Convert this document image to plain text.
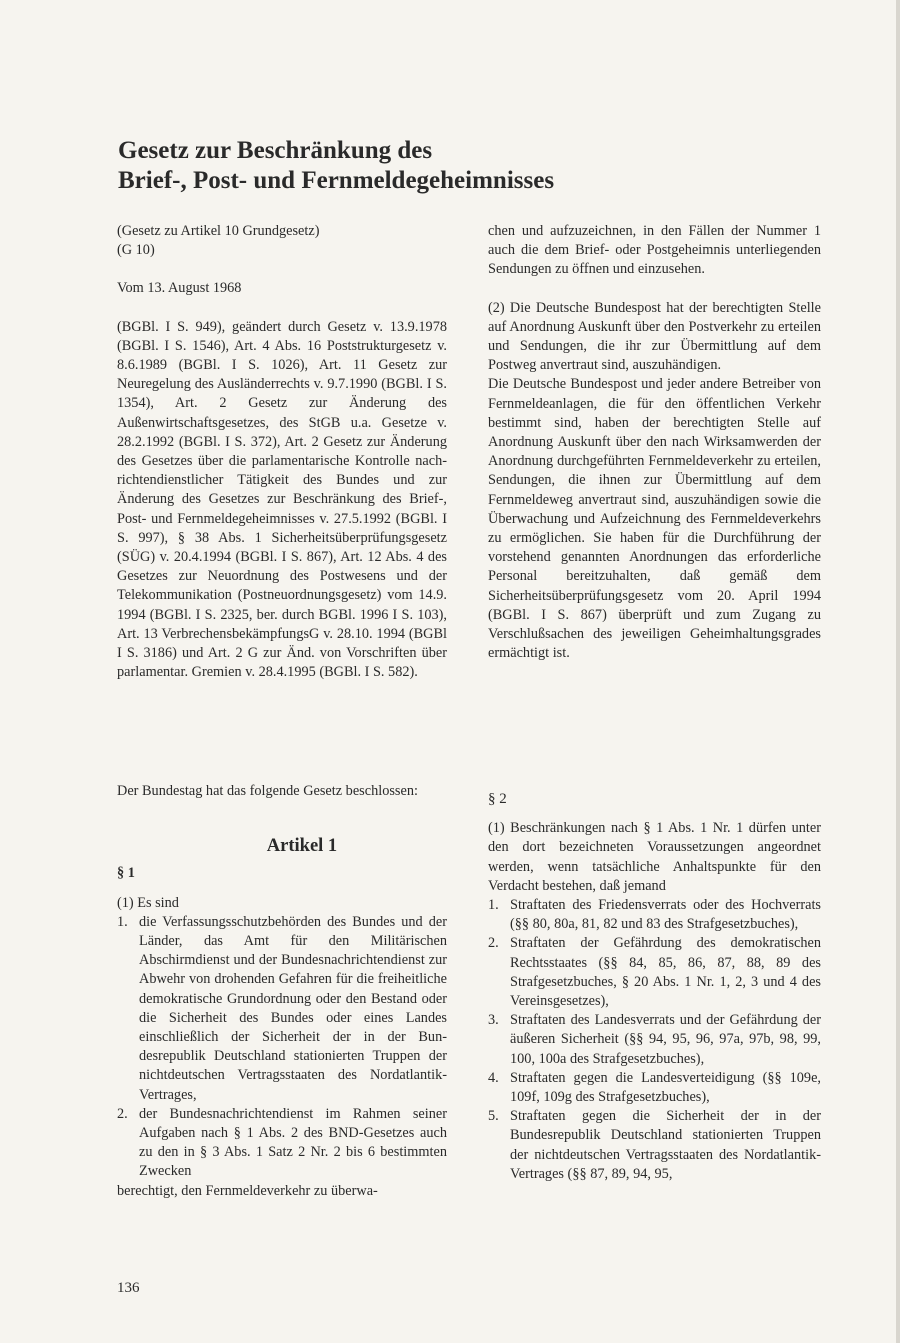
Gesetz zur Beschränkung des
Brief-, Post- und Fernmeldegeheimnisses

(Gesetz zu Artikel 10 Grundgesetz)

(G 10)

Vom 13. August 1968

(BGBl. I S. 949), geändert durch Gesetz v. 13.9.1978 (BGBl. I S. 1546), Art. 4 Abs. 16 Poststrukturgesetz v. 8.6.1989 (BGBl. I S. 1026), Art. 11 Gesetz zur Neuregelung des Ausländerrechts v. 9.7.1990 (BGBl. I S. 1354), Art. 2 Gesetz zur Änderung des Außenwirtschaftsgesetzes, des StGB u.a. Gesetze v. 28.2.1992 (BGBl. I S. 372), Art. 2 Gesetz zur Änderung des Gesetzes über die parlamentarische Kontrolle nachrichtendienstlicher Tätigkeit des Bundes und zur Änderung des Gesetzes zur Beschränkung des Brief-, Post- und Fernmeldegeheimnisses v. 27.5.1992 (BGBl. I S. 997), § 38 Abs. 1 Sicherheitsüberprüfungsgesetz (SÜG) v. 20.4.1994 (BGBl. I S. 867), Art. 12 Abs. 4 des Gesetzes zur Neuordnung des Postwesens und der Telekommunikation (Postneuordnungsgesetz) vom 14.9. 1994 (BGBl. I S. 2325, ber. durch BGBl. 1996 I S. 103), Art. 13 VerbrechensbekämpfungsG v. 28.10. 1994 (BGBl I S. 3186) und Art. 2 G zur Änd. von Vorschriften über parlamentar. Gremien v. 28.4.1995 (BGBl. I S. 582).

chen und aufzuzeichnen, in den Fällen der Nummer 1 auch die dem Brief- oder Postgeheimnis unterliegenden Sendungen zu öffnen und einzusehen.

(2) Die Deutsche Bundespost hat der berechtigten Stelle auf Anordnung Auskunft über den Postverkehr zu erteilen und Sendungen, die ihr zur Übermittlung auf dem Postweg anvertraut sind, auszuhändigen.

Die Deutsche Bundespost und jeder andere Betreiber von Fernmeldeanlagen, die für den öffentlichen Verkehr bestimmt sind, haben der berechtigten Stelle auf Anordnung Auskunft über den nach Wirksamwerden der Anordnung durchgeführten Fernmeldeverkehr zu erteilen, Sendungen, die ihnen zur Übermittlung auf dem Fernmeldeweg anvertraut sind, auszuhändigen sowie die Überwachung und Aufzeichnung des Fernmeldeverkehrs zu ermöglichen. Sie haben für die Durchführung der vorstehend genannten Anordnungen das erforderliche Personal bereitzuhalten, daß gemäß dem Sicherheitsüberprüfungsgesetz vom 20. April 1994 (BGBl. I S. 867) überprüft und zum Zugang zu Verschlußsachen des jeweiligen Geheimhaltungsgrades ermächtigt ist.

Der Bundestag hat das folgende Gesetz beschlossen:

Artikel 1
§ 1

(1) Es sind

1. die Verfassungsschutzbehörden des Bundes und der Länder, das Amt für den Militärischen Abschirmdienst und der Bundesnachrichtendienst zur Abwehr von drohenden Gefahren für die freiheitliche demokratische Grundordnung oder den Bestand oder die Sicherheit des Bundes oder eines Landes einschließlich der Sicherheit der in der Bundesrepublik Deutschland stationierten Truppen der nichtdeutschen Vertragsstaaten des Nordatlantik-Vertrages,
2. der Bundesnachrichtendienst im Rahmen seiner Aufgaben nach § 1 Abs. 2 des BND-Gesetzes auch zu den in § 3 Abs. 1 Satz 2 Nr. 2 bis 6 bestimmten Zwecken

berechtigt, den Fernmeldeverkehr zu überwa-

§ 2

(1) Beschränkungen nach § 1 Abs. 1 Nr. 1 dürfen unter den dort bezeichneten Voraussetzungen angeordnet werden, wenn tatsächliche Anhaltspunkte für den Verdacht bestehen, daß jemand

1. Straftaten des Friedensverrats oder des Hochverrats (§§ 80, 80a, 81, 82 und 83 des Strafgesetzbuches),
2. Straftaten der Gefährdung des demokratischen Rechtsstaates (§§ 84, 85, 86, 87, 88, 89 des Strafgesetzbuches, § 20 Abs. 1 Nr. 1, 2, 3 und 4 des Vereinsgesetzes),
3. Straftaten des Landesverrats und der Gefährdung der äußeren Sicherheit (§§ 94, 95, 96, 97a, 97b, 98, 99, 100, 100a des Strafgesetzbuches),
4. Straftaten gegen die Landesverteidigung (§§ 109e, 109f, 109g des Strafgesetzbuches),
5. Straftaten gegen die Sicherheit der in der Bundesrepublik Deutschland stationierten Truppen der nichtdeutschen Vertragsstaaten des Nordatlantik-Vertrages (§§ 87, 89, 94, 95,
136
